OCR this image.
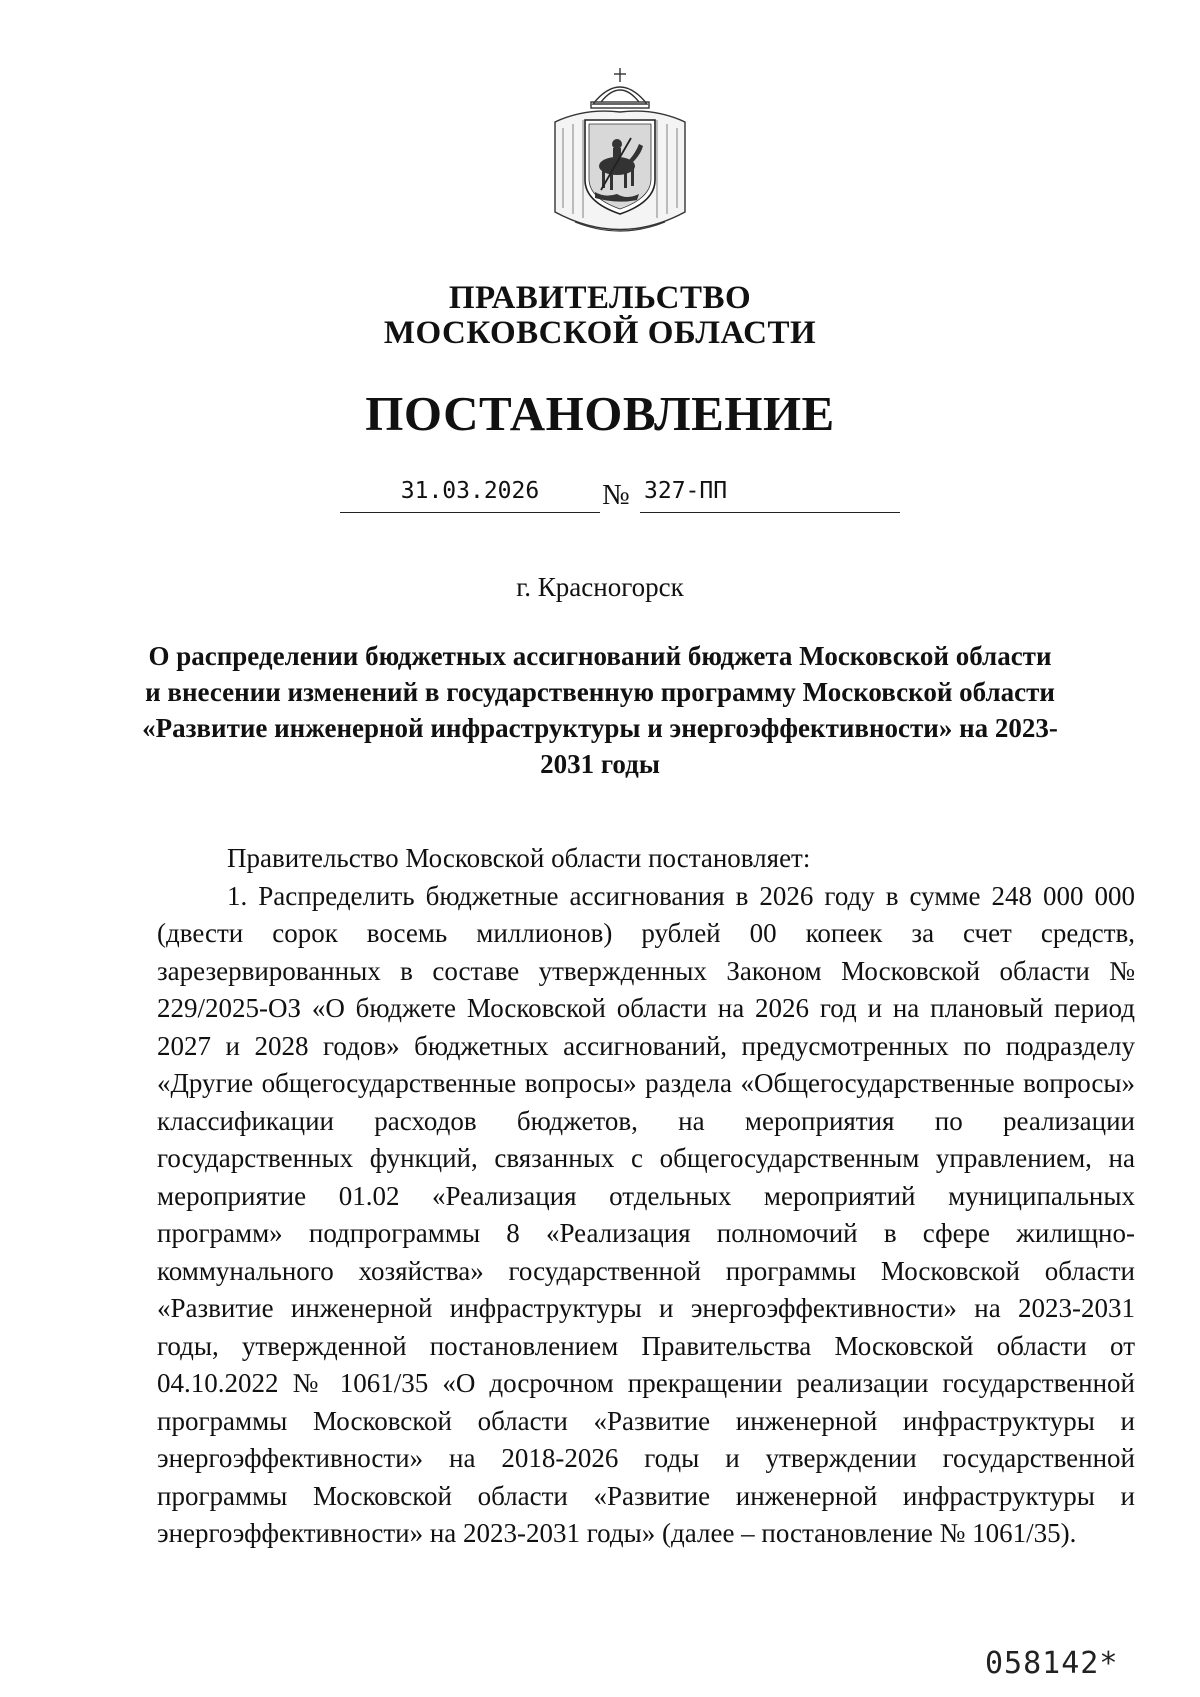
ПРАВИТЕЛЬСТВО
МОСКОВСКОЙ ОБЛАСТИ
ПОСТАНОВЛЕНИЕ
31.03.2026	№ 327-ПП
г. Красногорск
О распределении бюджетных ассигнований бюджета Московской области и внесении изменений в государственную программу Московской области «Развитие инженерной инфраструктуры и энергоэффективности» на 2023-2031 годы

Правительство Московской области постановляет:

1. Распределить бюджетные ассигнования в 2026 году в сумме 248 000 000 (двести сорок восемь миллионов) рублей 00 копеек за счет средств, зарезервированных в составе утвержденных Законом Московской области № 229/2025-ОЗ «О бюджете Московской области на 2026 год и на плановый период 2027 и 2028 годов» бюджетных ассигнований, предусмотренных по подразделу «Другие общегосударственные вопросы» раздела «Общегосударственные вопросы» классификации расходов бюджетов, на мероприятия по реализации государственных функций, связанных с общегосударственным управлением, на мероприятие 01.02 «Реализация отдельных мероприятий муниципальных программ» подпрограммы 8 «Реализация полномочий в сфере жилищно-коммунального хозяйства» государственной программы Московской области «Развитие инженерной инфраструктуры и энергоэффективности» на 2023-2031 годы, утвержденной постановлением Правительства Московской области от 04.10.2022 № 1061/35 «О досрочном прекращении реализации государственной программы Московской области «Развитие инженерной инфраструктуры и энергоэффективности» на 2018-2026 годы и утверждении государственной программы Московской области «Развитие инженерной инфраструктуры и энергоэффективности» на 2023-2031 годы» (далее – постановление № 1061/35).

058142*
